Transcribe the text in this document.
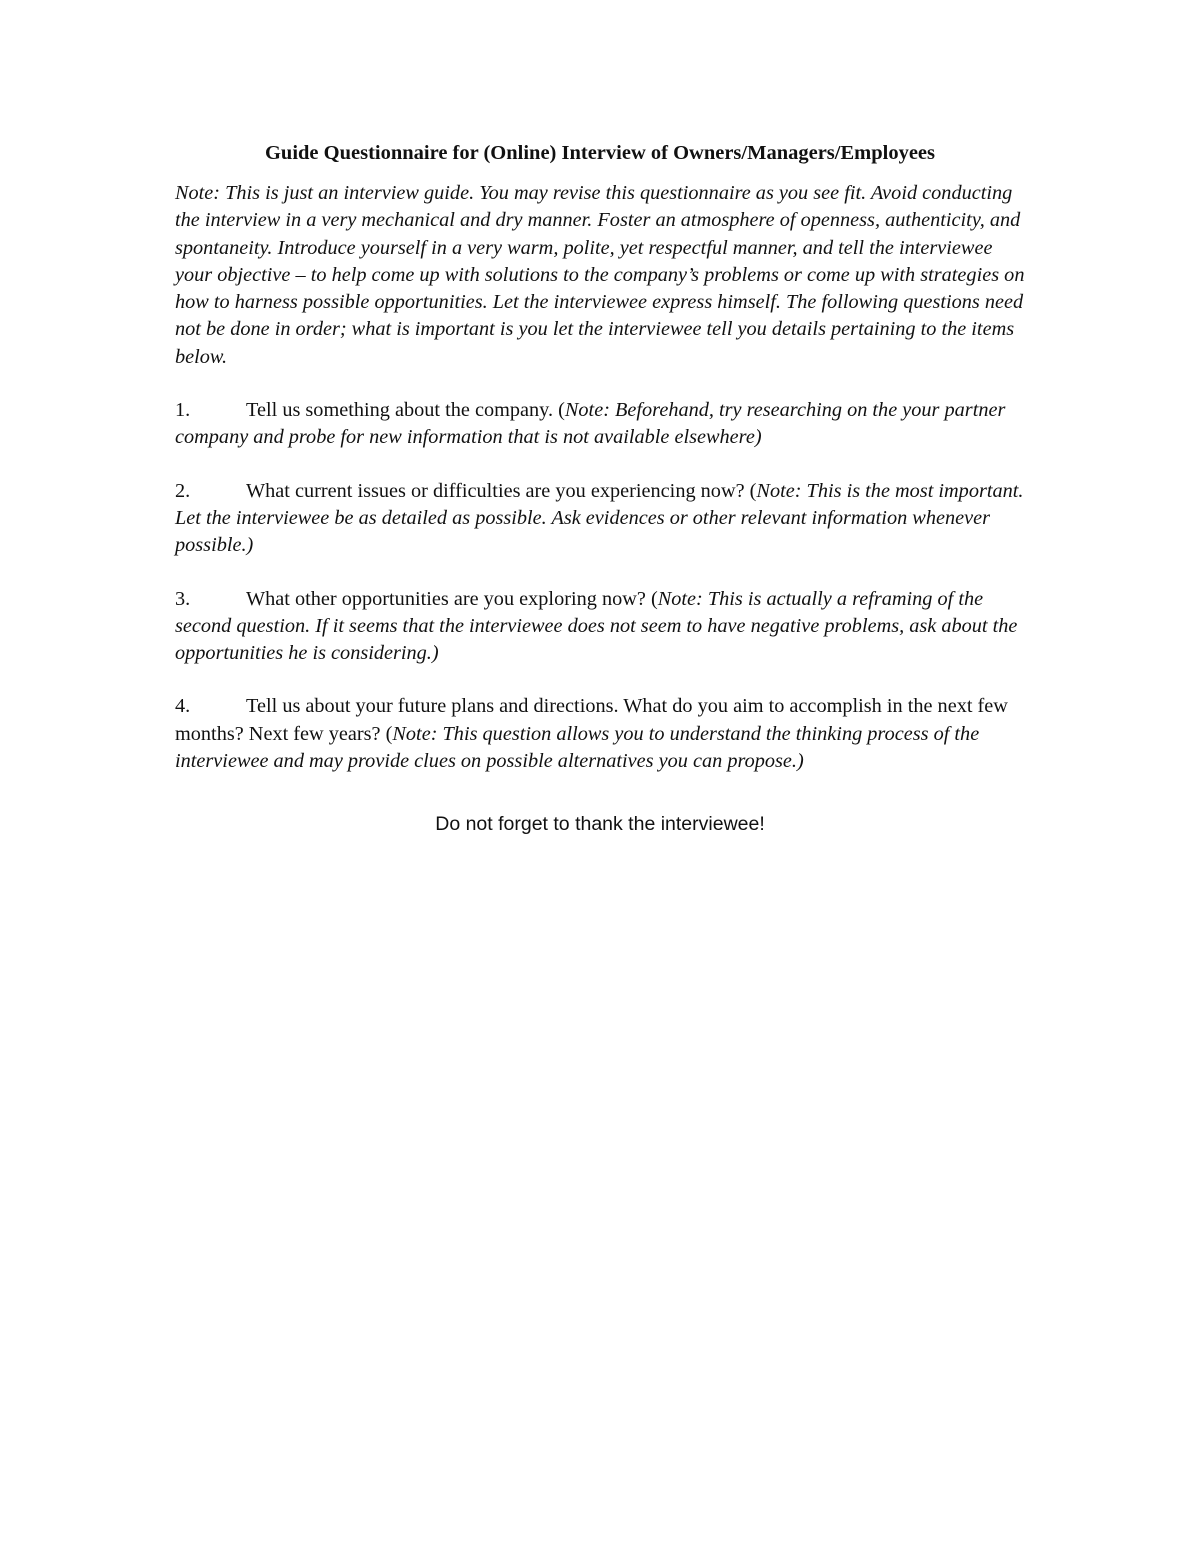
Guide Questionnaire for (Online) Interview of Owners/Managers/Employees
Note: This is just an interview guide. You may revise this questionnaire as you see fit. Avoid conducting the interview in a very mechanical and dry manner. Foster an atmosphere of openness, authenticity, and spontaneity. Introduce yourself in a very warm, polite, yet respectful manner, and tell the interviewee your objective – to help come up with solutions to the company’s problems or come up with strategies on how to harness possible opportunities. Let the interviewee express himself. The following questions need not be done in order; what is important is you let the interviewee tell you details pertaining to the items below.
1.	Tell us something about the company. (Note: Beforehand, try researching on the your partner company and probe for new information that is not available elsewhere)
2.	What current issues or difficulties are you experiencing now? (Note: This is the most important. Let the interviewee be as detailed as possible. Ask evidences or other relevant information whenever possible.)
3.	What other opportunities are you exploring now? (Note: This is actually a reframing of the second question. If it seems that the interviewee does not seem to have negative problems, ask about the opportunities he is considering.)
4.	Tell us about your future plans and directions. What do you aim to accomplish in the next few months? Next few years? (Note: This question allows you to understand the thinking process of the interviewee and may provide clues on possible alternatives you can propose.)
Do not forget to thank the interviewee!
